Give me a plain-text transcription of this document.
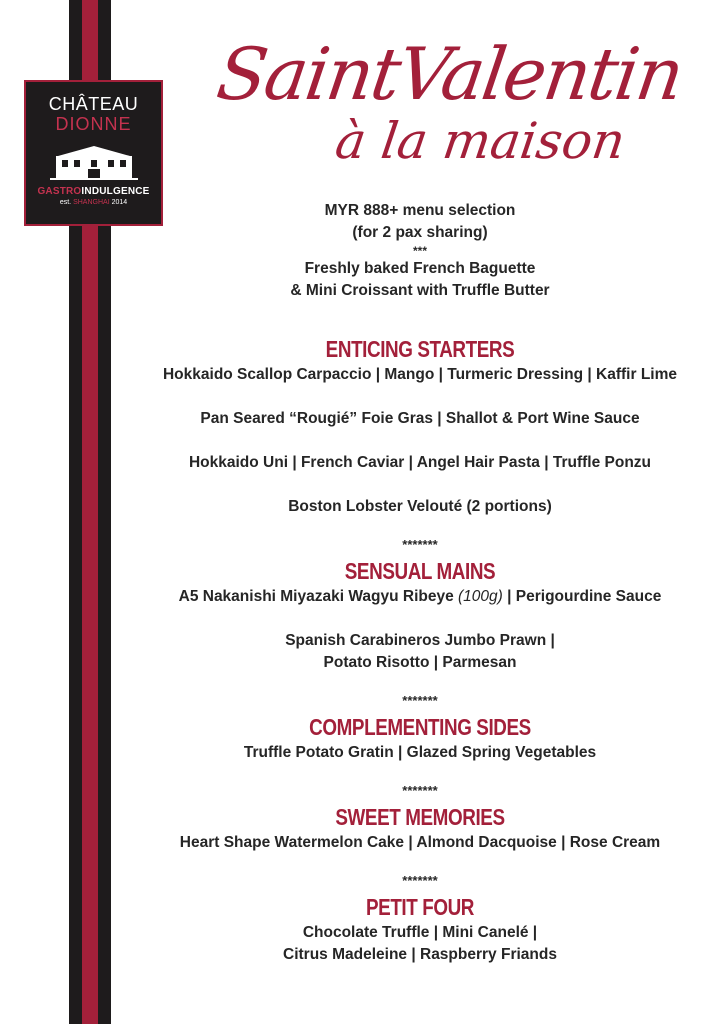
CHÂTEAU
DIONNE
GASTROINDULGENCE
est. SHANGHAI 2014
SaintValentin
à la maison
MYR 888+ menu selection
(for 2 pax sharing)
***
Freshly baked French Baguette
& Mini Croissant with Truffle Butter
ENTICING STARTERS
Hokkaido Scallop Carpaccio | Mango | Turmeric Dressing | Kaffir Lime
Pan Seared “Rougié” Foie Gras | Shallot & Port Wine Sauce
Hokkaido Uni | French Caviar | Angel Hair Pasta | Truffle Ponzu
Boston Lobster Velouté (2 portions)
*******
SENSUAL MAINS
A5 Nakanishi Miyazaki Wagyu Ribeye (100g) | Perigourdine Sauce
Spanish Carabineros Jumbo Prawn |
Potato Risotto | Parmesan
*******
COMPLEMENTING SIDES
Truffle Potato Gratin | Glazed Spring Vegetables
*******
SWEET MEMORIES
Heart Shape Watermelon Cake | Almond Dacquoise | Rose Cream
*******
PETIT FOUR
Chocolate Truffle | Mini Canelé |
Citrus Madeleine | Raspberry Friands
